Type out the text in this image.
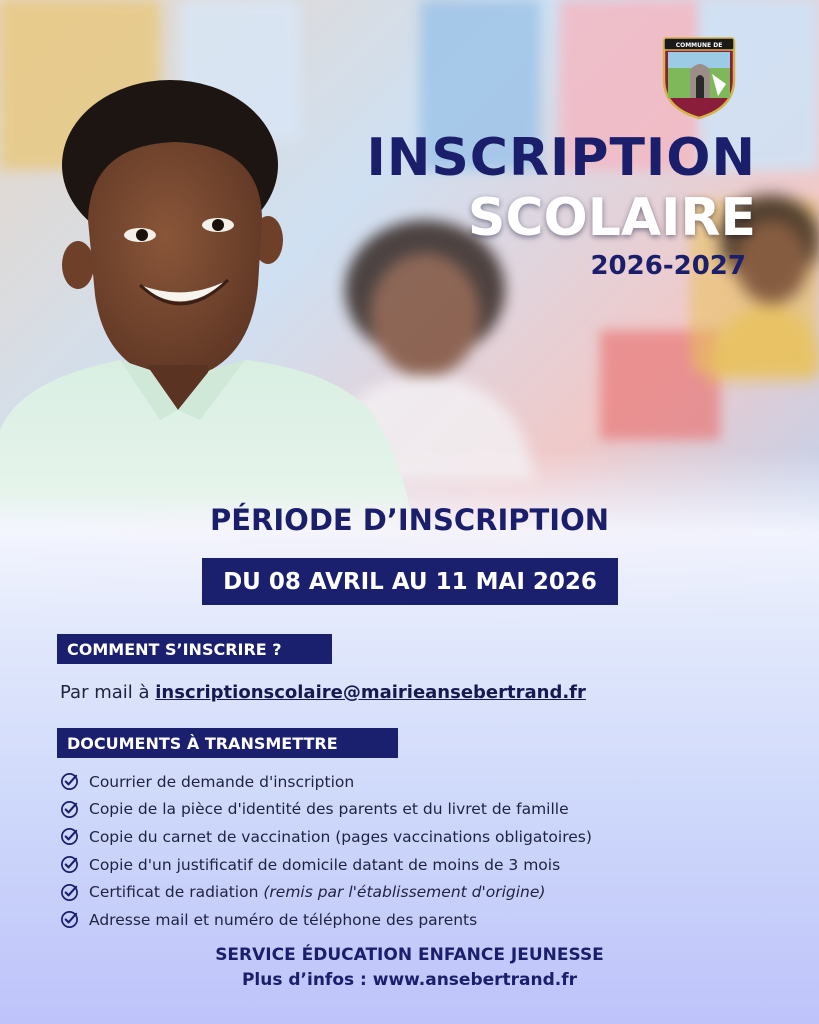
COMMUNE DE
INSCRIPTION
SCOLAIRE
2026-2027
PÉRIODE D’INSCRIPTION
DU 08 AVRIL AU 11 MAI 2026
COMMENT S’INSCRIRE ?
Par mail à inscriptionscolaire@mairieansebertrand.fr
DOCUMENTS À TRANSMETTRE
Courrier de demande d'inscription
Copie de la pièce d'identité des parents et du livret de famille
Copie du carnet de vaccination (pages vaccinations obligatoires)
Copie d'un justificatif de domicile datant de moins de 3 mois
Certificat de radiation
(remis par l'établissement d'origine)
Adresse mail et numéro de téléphone des parents
SERVICE ÉDUCATION ENFANCE JEUNESSE
Plus d’infos : www.ansebertrand.fr
